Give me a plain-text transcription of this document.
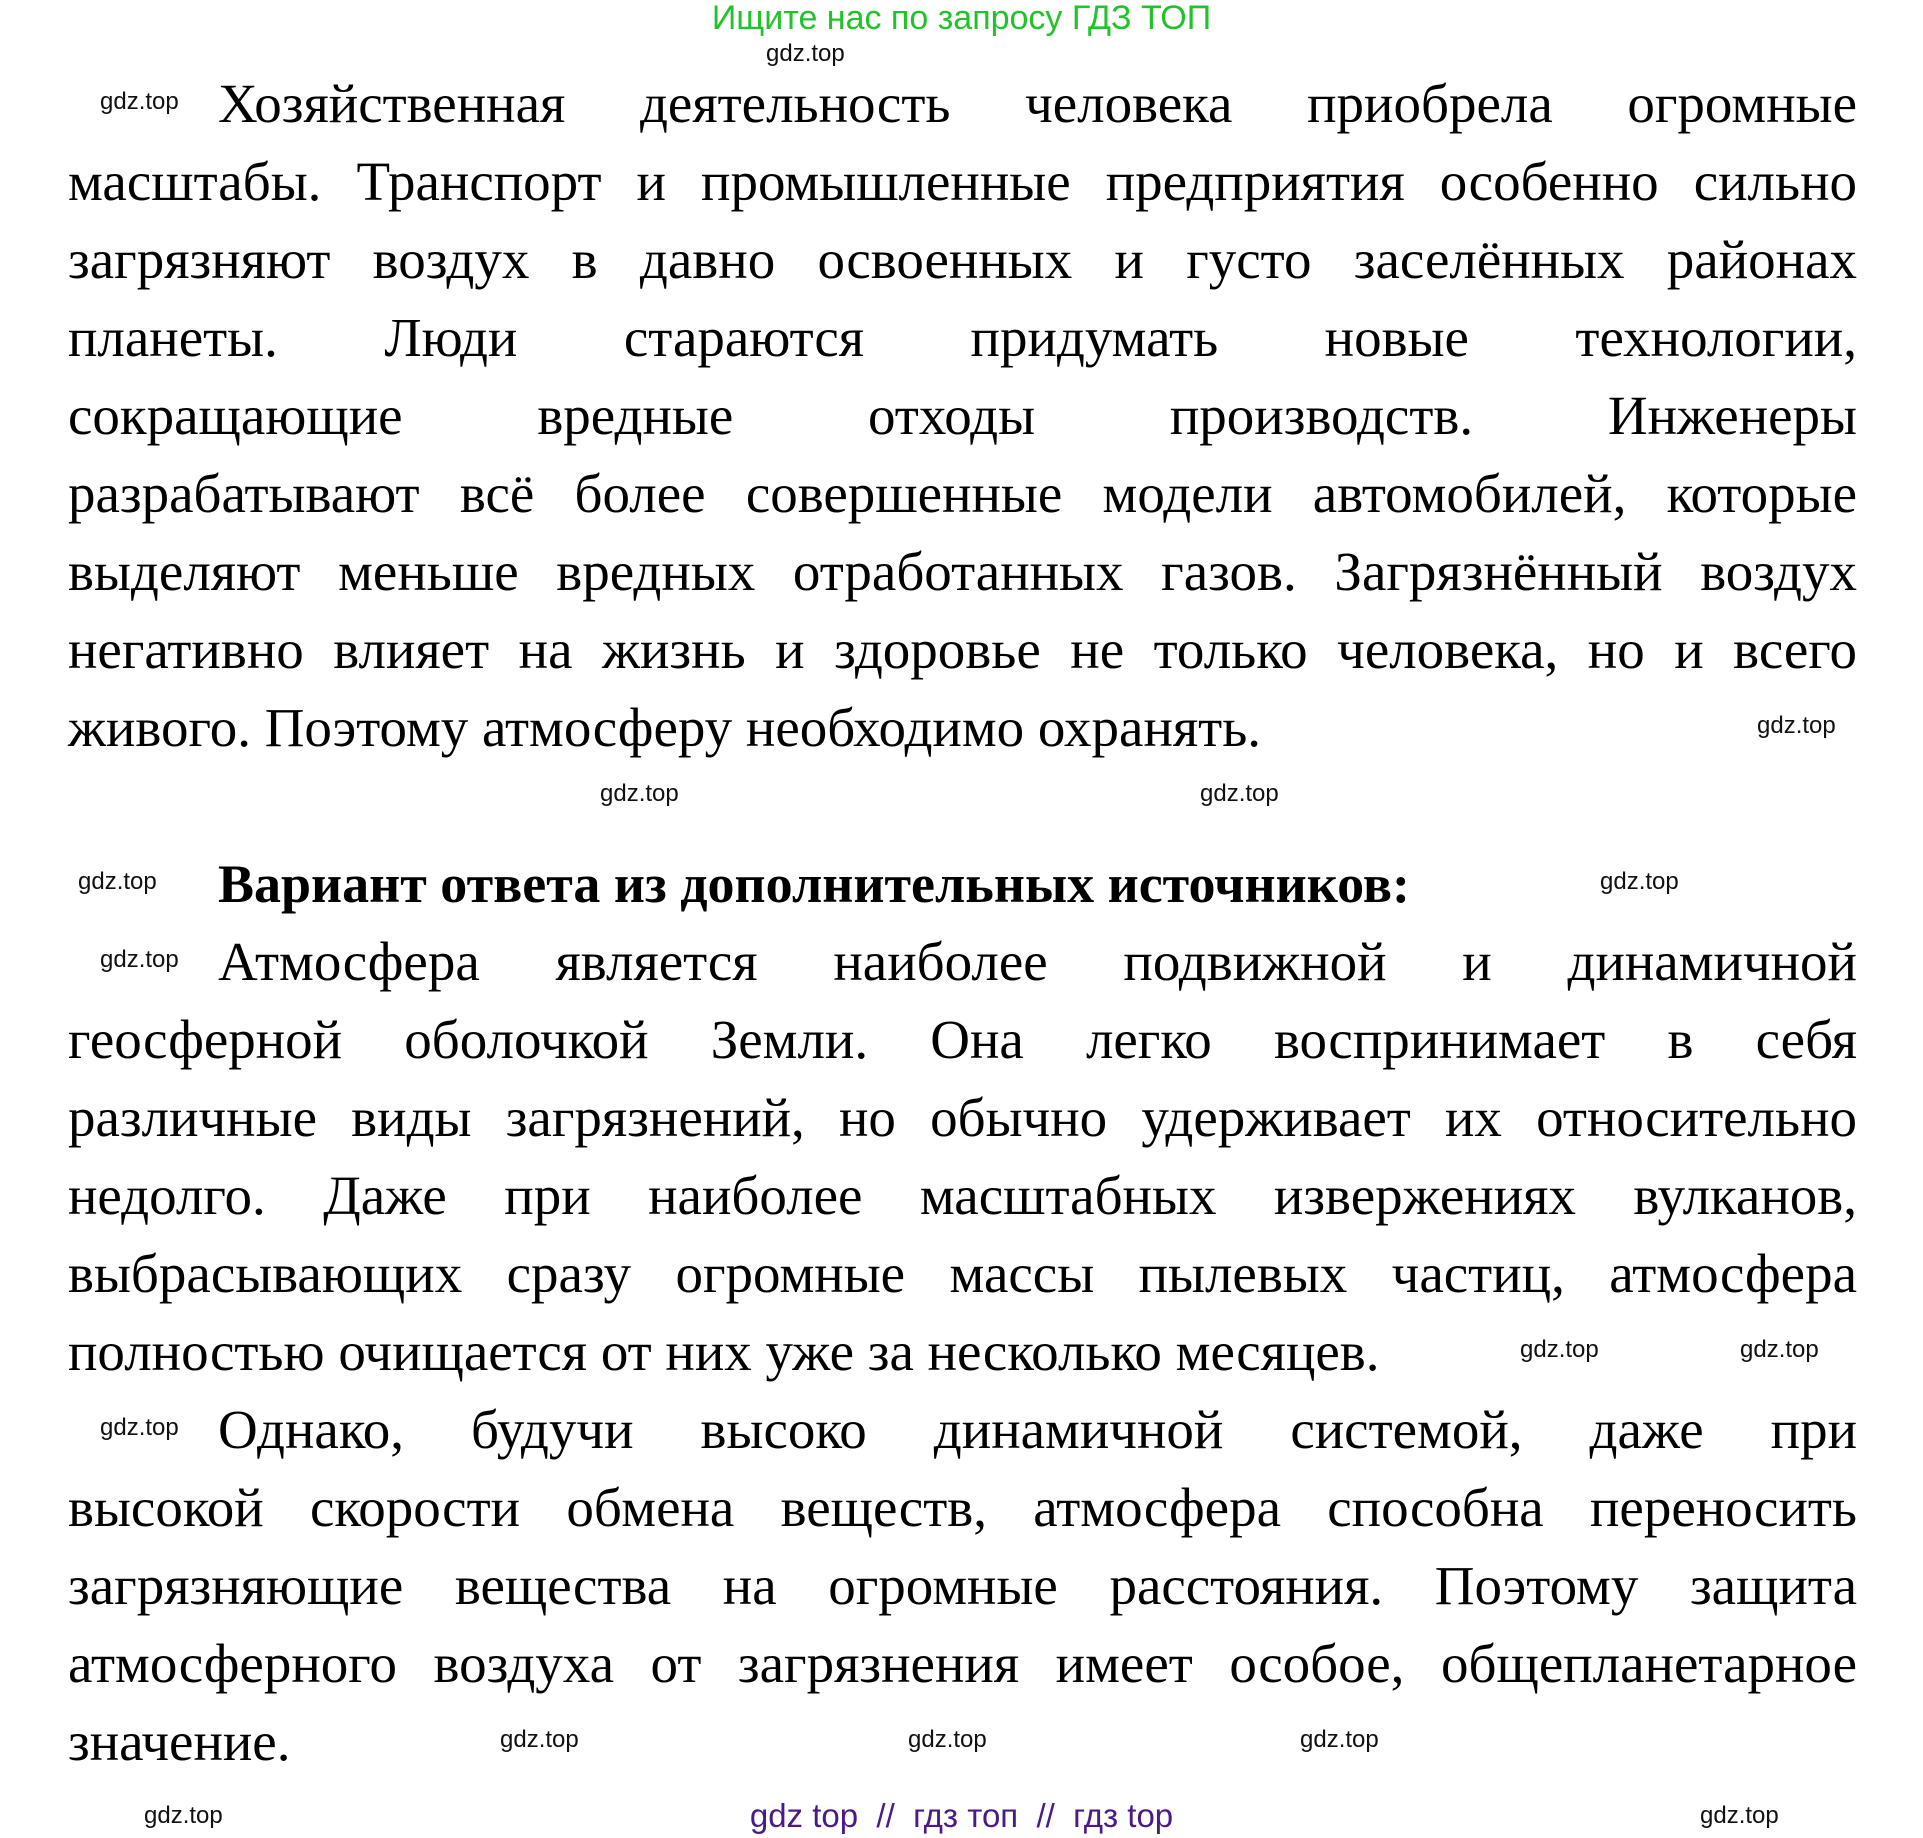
Ищите нас по запросу ГДЗ ТОП
Хозяйственная деятельность человека приобрела огромные
масштабы. Транспорт и промышленные предприятия особенно сильно
загрязняют воздух в давно освоенных и густо заселённых районах
планеты. Люди стараются придумать новые технологии,
сокращающие вредные отходы производств. Инженеры
разрабатывают всё более совершенные модели автомобилей, которые
выделяют меньше вредных отработанных газов. Загрязнённый воздух
негативно влияет на жизнь и здоровье не только человека, но и всего
живого. Поэтому атмосферу необходимо охранять.
Вариант ответа из дополнительных источников:
Атмосфера является наиболее подвижной и динамичной
геосферной оболочкой Земли. Она легко воспринимает в себя
различные виды загрязнений, но обычно удерживает их относительно
недолго. Даже при наиболее масштабных извержениях вулканов,
выбрасывающих сразу огромные массы пылевых частиц, атмосфера
полностью очищается от них уже за несколько месяцев.
Однако, будучи высоко динамичной системой, даже при
высокой скорости обмена веществ, атмосфера способна переносить
загрязняющие вещества на огромные расстояния. Поэтому защита
атмосферного воздуха от загрязнения имеет особое, общепланетарное
значение.
gdz.top
gdz.top
gdz.top
gdz.top	gdz.top
gdz.top	gdz.top
gdz.top
gdz.top	gdz.top
gdz.top
gdz.top	gdz.top	gdz.top
gdz.top	gdz.top
gdz top  //  гдз топ  //  гдз top
